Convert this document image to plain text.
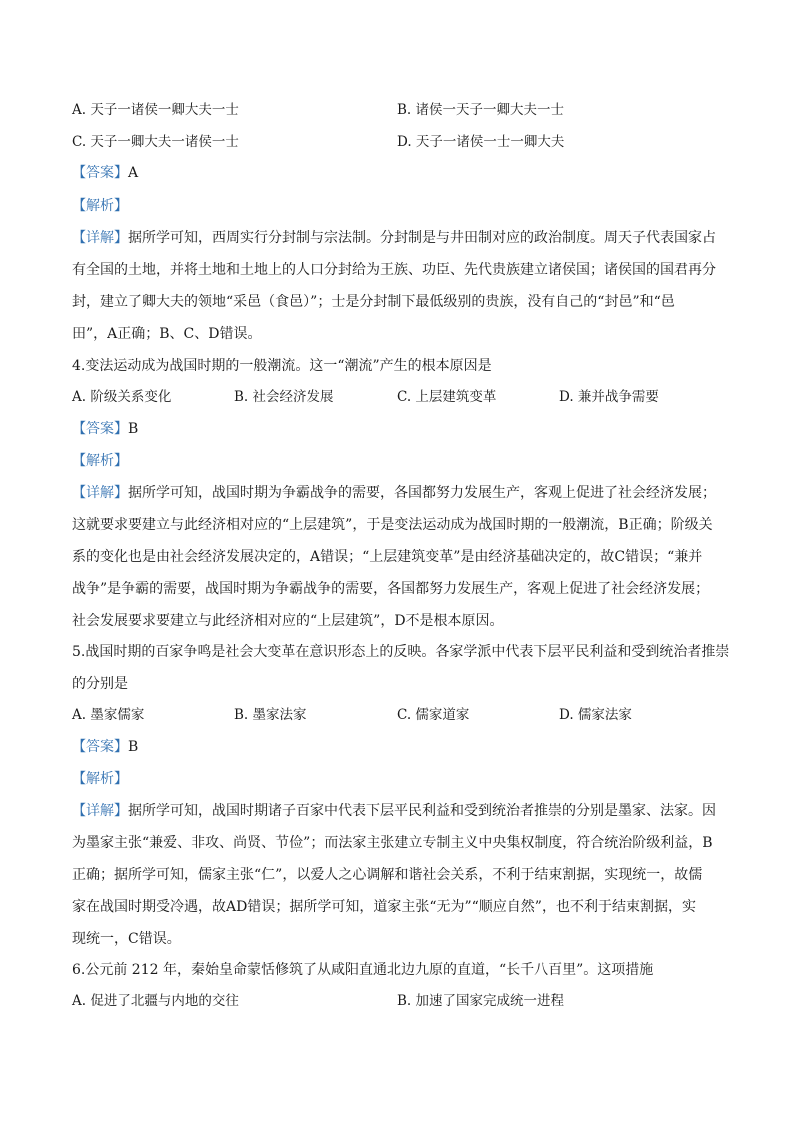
A. 天子一诸侯一卿大夫一士	B. 诸侯一天子一卿大夫一士
C. 天子一卿大夫一诸侯一士	D. 天子一诸侯一士一卿大夫
【答案】A
【解析】
【详解】据所学可知，西周实行分封制与宗法制。分封制是与井田制对应的政治制度。周天子代表国家占
有全国的土地，并将土地和土地上的人口分封给为王族、功臣、先代贵族建立诸侯国；诸侯国的国君再分
封，建立了卿大夫的领地“采邑（食邑）”；士是分封制下最低级别的贵族，没有自己的“封邑”和“邑
田”，A正确；B、C、D错误。
4.变法运动成为战国时期的一般潮流。这一“潮流”产生的根本原因是
A. 阶级关系变化	B. 社会经济发展	C. 上层建筑变革	D. 兼并战争需要
【答案】B
【解析】
【详解】据所学可知，战国时期为争霸战争的需要，各国都努力发展生产，客观上促进了社会经济发展；
这就要求要建立与此经济相对应的“上层建筑”，于是变法运动成为战国时期的一般潮流，B正确；阶级关
系的变化也是由社会经济发展决定的，A错误；“上层建筑变革”是由经济基础决定的，故C错误；“兼并
战争”是争霸的需要，战国时期为争霸战争的需要，各国都努力发展生产，客观上促进了社会经济发展；
社会发展要求要建立与此经济相对应的“上层建筑”，D不是根本原因。
5.战国时期的百家争鸣是社会大变革在意识形态上的反映。各家学派中代表下层平民利益和受到统治者推崇
的分别是
A. 墨家儒家	B. 墨家法家	C. 儒家道家	D. 儒家法家
【答案】B
【解析】
【详解】据所学可知，战国时期诸子百家中代表下层平民利益和受到统治者推崇的分别是墨家、法家。因
为墨家主张“兼爱、非攻、尚贤、节俭”；而法家主张建立专制主义中央集权制度，符合统治阶级利益，B
正确；据所学可知，儒家主张“仁”，以爱人之心调解和谐社会关系，不利于结束割据，实现统一，故儒
家在战国时期受冷遇，故AD错误；据所学可知，道家主张“无为”“顺应自然”，也不利于结束割据，实
现统一，C错误。
6.公元前 212 年，秦始皇命蒙恬修筑了从咸阳直通北边九原的直道，“长千八百里”。这项措施
A. 促进了北疆与内地的交往	B. 加速了国家完成统一进程
